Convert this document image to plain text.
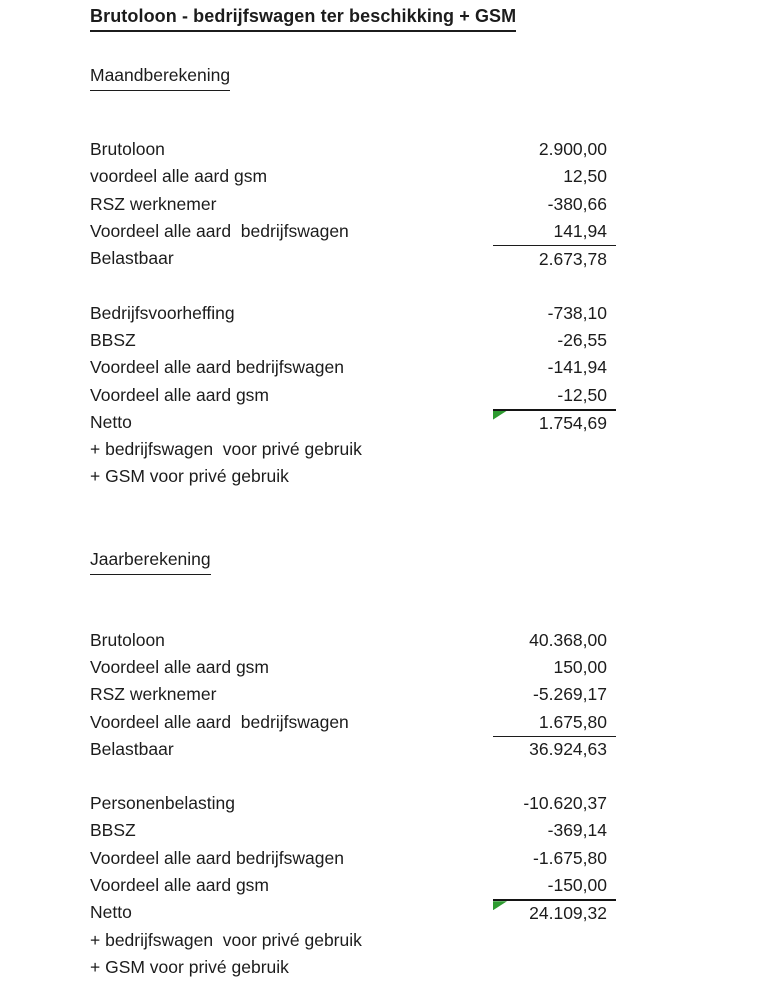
Brutoloon - bedrijfswagen ter beschikking + GSM
Maandberekening
Brutoloon	2.900,00
voordeel alle aard gsm	12,50
RSZ werknemer	-380,66
Voordeel alle aard  bedrijfswagen	141,94
Belastbaar	2.673,78
Bedrijfsvoorheffing	-738,10
BBSZ	-26,55
Voordeel alle aard bedrijfswagen	-141,94
Voordeel alle aard gsm	-12,50
Netto	1.754,69
+ bedrijfswagen  voor privé gebruik
+ GSM voor privé gebruik
Jaarberekening
Brutoloon	40.368,00
Voordeel alle aard gsm	150,00
RSZ werknemer	-5.269,17
Voordeel alle aard  bedrijfswagen	1.675,80
Belastbaar	36.924,63
Personenbelasting	-10.620,37
BBSZ	-369,14
Voordeel alle aard bedrijfswagen	-1.675,80
Voordeel alle aard gsm	-150,00
Netto	24.109,32
+ bedrijfswagen  voor privé gebruik
+ GSM voor privé gebruik
